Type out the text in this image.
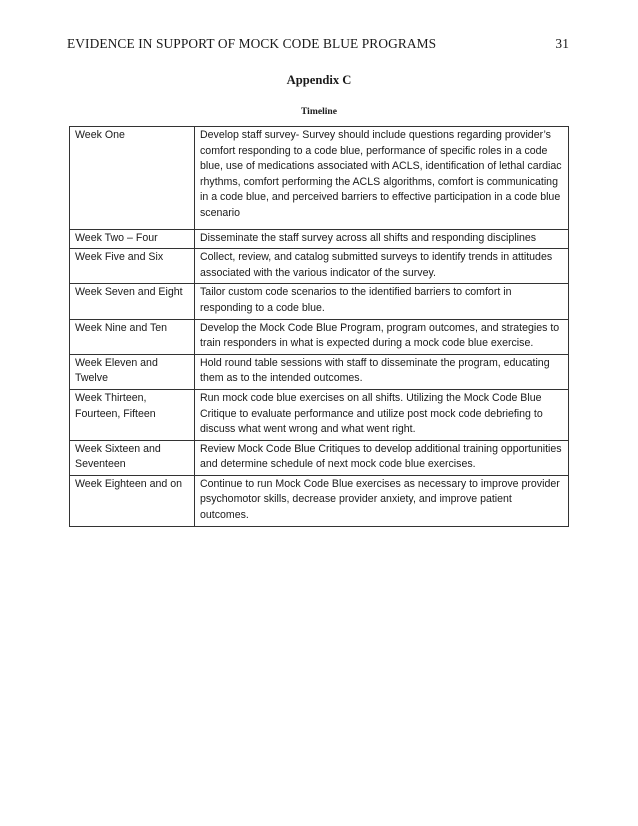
EVIDENCE IN SUPPORT OF MOCK CODE BLUE PROGRAMS	31
Appendix C
Timeline
Week One	Develop staff survey- Survey should include questions regarding provider’s comfort responding to a code blue, performance of specific roles in a code blue, use of medications associated with ACLS, identification of lethal cardiac rhythms, comfort performing the ACLS algorithms, comfort is communicating in a code blue, and perceived barriers to effective participation in a code blue scenario
Week Two – Four	Disseminate the staff survey across all shifts and responding disciplines
Week Five and Six	Collect, review, and catalog submitted surveys to identify trends in attitudes associated with the various indicator of the survey.
Week Seven and Eight	Tailor custom code scenarios to the identified barriers to comfort in responding to a code blue.
Week Nine and Ten	Develop the Mock Code Blue Program, program outcomes, and strategies to train responders in what is expected during a mock code blue exercise.
Week Eleven and Twelve	Hold round table sessions with staff to disseminate the program, educating them as to the intended outcomes.
Week Thirteen, Fourteen, Fifteen	Run mock code blue exercises on all shifts. Utilizing the Mock Code Blue Critique to evaluate performance and utilize post mock code debriefing to discuss what went wrong and what went right.
Week Sixteen and Seventeen	Review Mock Code Blue Critiques to develop additional training opportunities and determine schedule of next mock code blue exercises.
Week Eighteen and on	Continue to run Mock Code Blue exercises as necessary to improve provider psychomotor skills, decrease provider anxiety, and improve patient outcomes.
